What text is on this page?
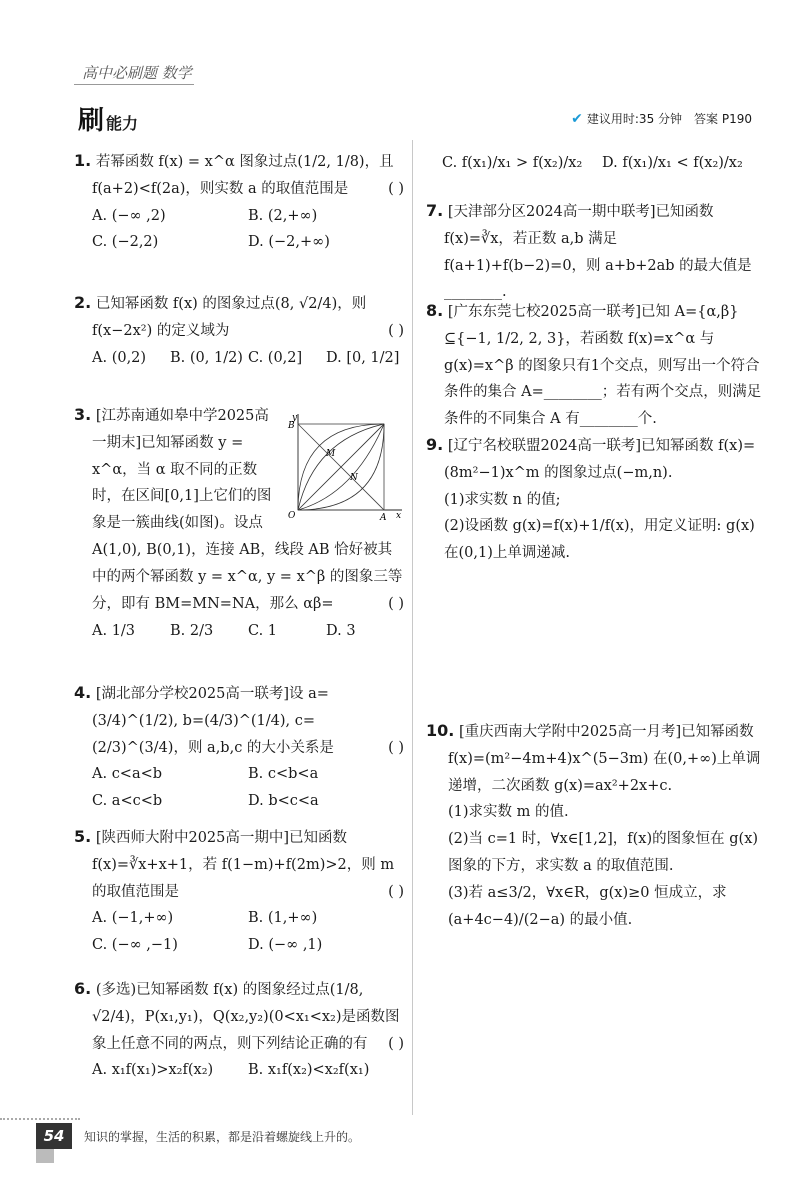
高中必刷题 数学
刷 能力	✔ 建议用时:35 分钟 答案 P190
1. 若幂函数 f(x) = x^α 图象过点(1/2, 1/8)，且 f(a+2)<f(2a)，则实数 a 的取值范围是	( )
A. (−∞ ,2)	B. (2,+∞)
C. (−2,2)	D. (−2,+∞)
2. 已知幂函数 f(x) 的图象过点(8, √2/4)，则 f(x−2x²) 的定义域为	( )
A. (0,2)	B. (0, 1/2) C. (0,2]	D. [0, 1/2]
3. [江苏南通如皋中学2025高一期末]已知幂函数 y = x^α，当 α 取不同的正数时，在区间[0,1]上它们的图象是一簇曲线(如图)。设点 A(1,0), B(0,1)，连接 AB，线段 AB 恰好被其中的两个幂函数 y = x^α, y = x^β 的图象三等分，即有 BM=MN=NA，那么 αβ=	( )
A. 1/3	B. 2/3	C. 1	D. 3
y
x
O
B
A
M
N
4. [湖北部分学校2025高一联考]设 a=(3/4)^(1/2), b=(4/3)^(1/4), c=(2/3)^(3/4)，则 a,b,c 的大小关系是	( )
A. c<a<b	B. c<b<a
C. a<c<b	D. b<c<a
5. [陕西师大附中2025高一期中]已知函数 f(x)=∛x+x+1，若 f(1−m)+f(2m)>2，则 m 的取值范围是	( )
A. (−1,+∞)	B. (1,+∞)
C. (−∞ ,−1)	D. (−∞ ,1)
6. (多选)已知幂函数 f(x) 的图象经过点(1/8, √2/4)，P(x₁,y₁)，Q(x₂,y₂)(0<x₁<x₂)是函数图象上任意不同的两点，则下列结论正确的有 ( )
A. x₁f(x₁)>x₂f(x₂)	B. x₁f(x₂)<x₂f(x₁)
C. f(x₁)/x₁ > f(x₂)/x₂	D. f(x₁)/x₁ < f(x₂)/x₂
7. [天津部分区2024高一期中联考]已知函数 f(x)=∛x，若正数 a,b 满足 f(a+1)+f(b−2)=0，则 a+b+2ab 的最大值是________.
8. [广东东莞七校2025高一联考]已知 A={α,β}⊆{−1, 1/2, 2, 3}，若函数 f(x)=x^α 与 g(x)=x^β 的图象只有1个交点，则写出一个符合条件的集合 A=________；若有两个交点，则满足条件的不同集合 A 有________个.
9. [辽宁名校联盟2024高一联考]已知幂函数 f(x)=(8m²−1)x^m 的图象过点(−m,n).
(1)求实数 n 的值;
(2)设函数 g(x)=f(x)+1/f(x)，用定义证明: g(x)在(0,1)上单调递减.
10. [重庆西南大学附中2025高一月考]已知幂函数 f(x)=(m²−4m+4)x^(5−3m) 在(0,+∞)上单调递增，二次函数 g(x)=ax²+2x+c.
(1)求实数 m 的值.
(2)当 c=1 时，∀x∈[1,2]，f(x)的图象恒在 g(x)图象的下方，求实数 a 的取值范围.
(3)若 a≤3/2，∀x∈R，g(x)≥0 恒成立，求 (a+4c−4)/(2−a) 的最小值.
54	知识的掌握，生活的积累，都是沿着螺旋线上升的。
